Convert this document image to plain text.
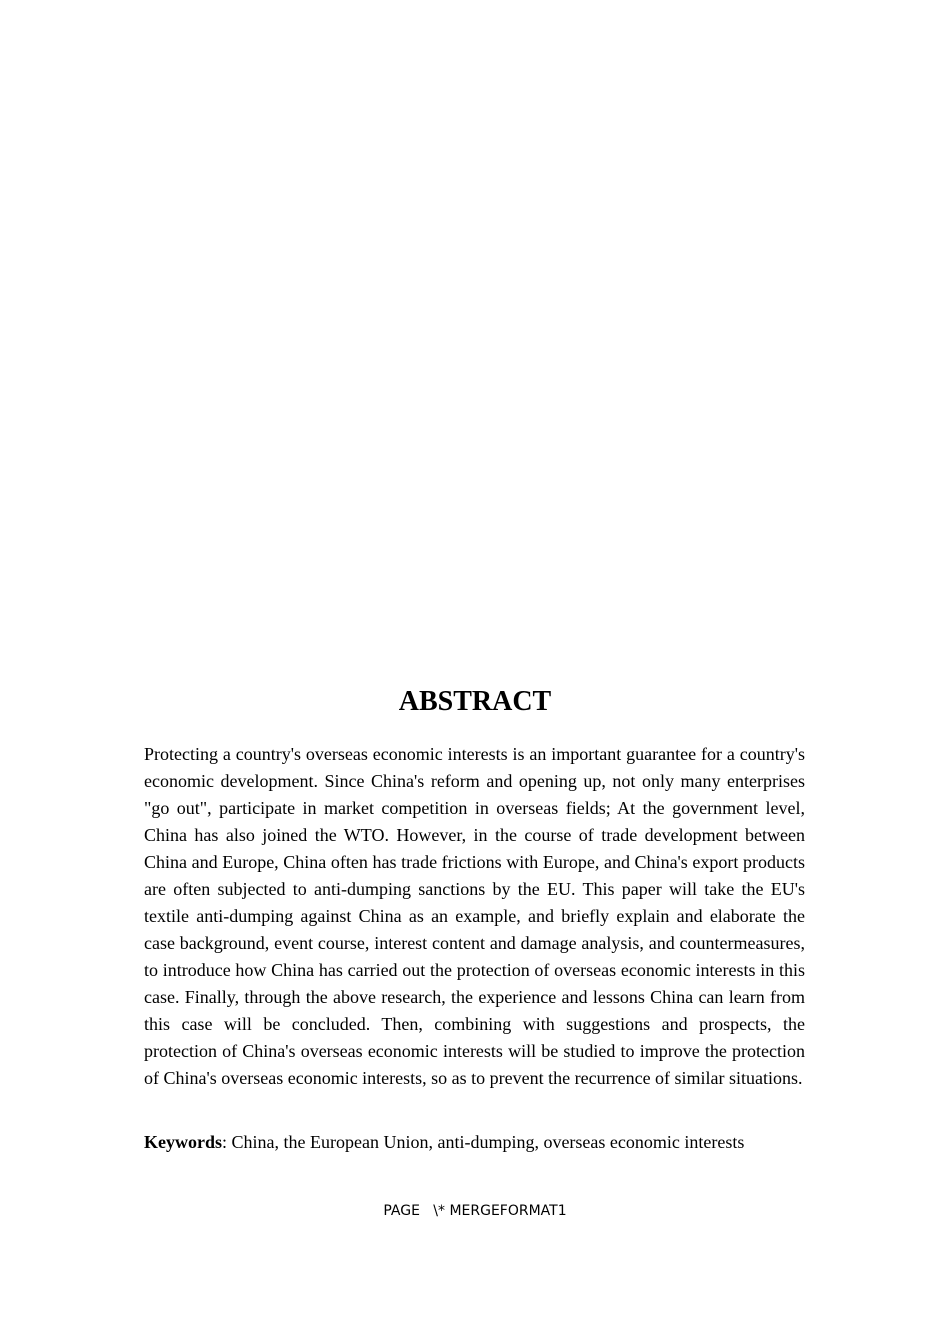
ABSTRACT

Protecting a country's overseas economic interests is an important guarantee for a country's economic development. Since China's reform and opening up, not only many enterprises "go out", participate in market competition in overseas fields; At the government level, China has also joined the WTO. However, in the course of trade development between China and Europe, China often has trade frictions with Europe, and China's export products are often subjected to anti-dumping sanctions by the EU. This paper will take the EU's textile anti-dumping against China as an example, and briefly explain and elaborate the case background, event course, interest content and damage analysis, and countermeasures, to introduce how China has carried out the protection of overseas economic interests in this case. Finally, through the above research, the experience and lessons China can learn from this case will be concluded. Then, combining with suggestions and prospects, the protection of China's overseas economic interests will be studied to improve the protection of China's overseas economic interests, so as to prevent the recurrence of similar situations.

Keywords: China, the European Union, anti-dumping, overseas economic interests

PAGE   \* MERGEFORMAT1
